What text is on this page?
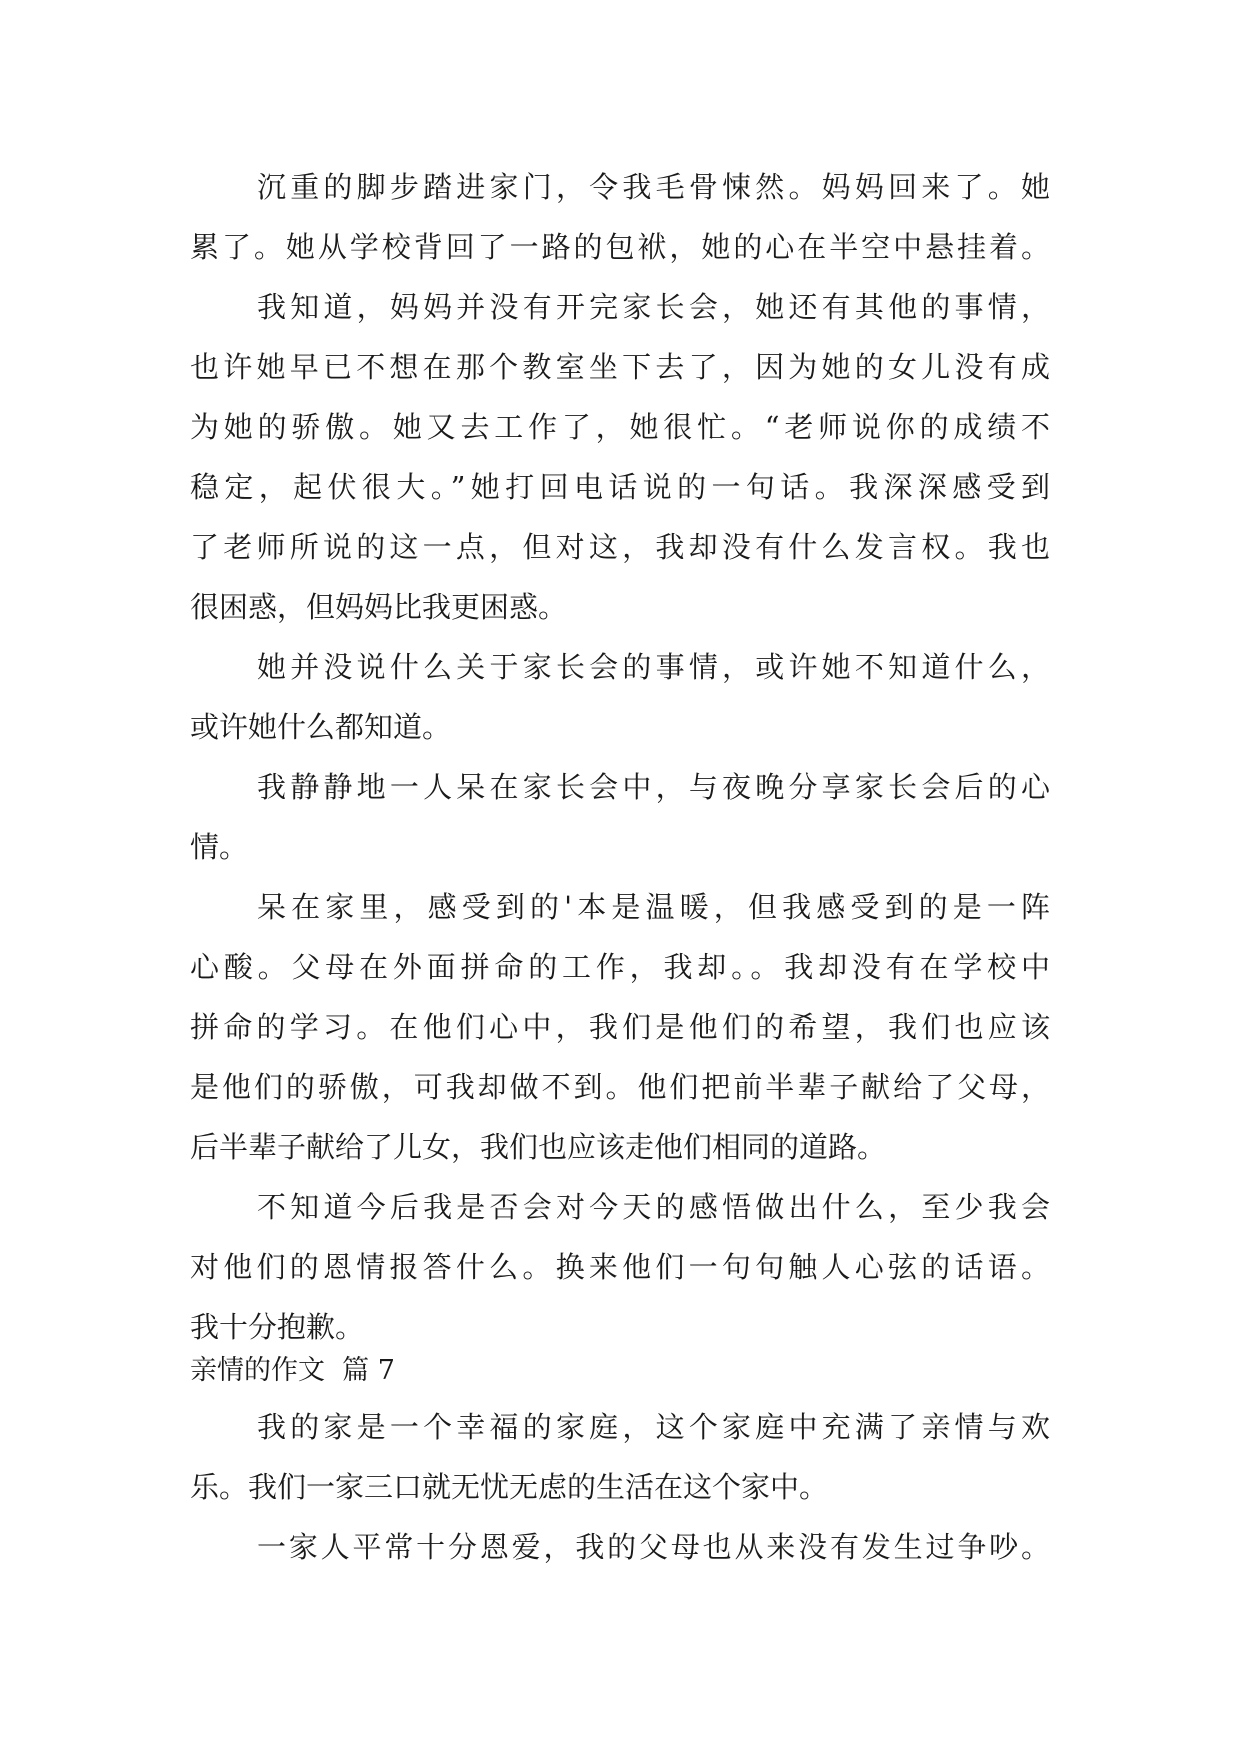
沉重的脚步踏进家门，令我毛骨悚然。妈妈回来了。她
累了。她从学校背回了一路的包袱，她的心在半空中悬挂着。
我知道，妈妈并没有开完家长会，她还有其他的事情，
也许她早已不想在那个教室坐下去了，因为她的女儿没有成
为她的骄傲。她又去工作了，她很忙。“老师说你的成绩不
稳定，起伏很大。”她打回电话说的一句话。我深深感受到
了老师所说的这一点，但对这，我却没有什么发言权。我也
很困惑，但妈妈比我更困惑。
她并没说什么关于家长会的事情，或许她不知道什么，
或许她什么都知道。
我静静地一人呆在家长会中，与夜晚分享家长会后的心
情。
呆在家里，感受到的'本是温暖，但我感受到的是一阵
心酸。父母在外面拼命的工作，我却。。我却没有在学校中
拼命的学习。在他们心中，我们是他们的希望，我们也应该
是他们的骄傲，可我却做不到。他们把前半辈子献给了父母，
后半辈子献给了儿女，我们也应该走他们相同的道路。
不知道今后我是否会对今天的感悟做出什么，至少我会
对他们的恩情报答什么。换来他们一句句触人心弦的话语。
我十分抱歉。
亲情的作文  篇 7
我的家是一个幸福的家庭，这个家庭中充满了亲情与欢
乐。我们一家三口就无忧无虑的生活在这个家中。
一家人平常十分恩爱，我的父母也从来没有发生过争吵。
